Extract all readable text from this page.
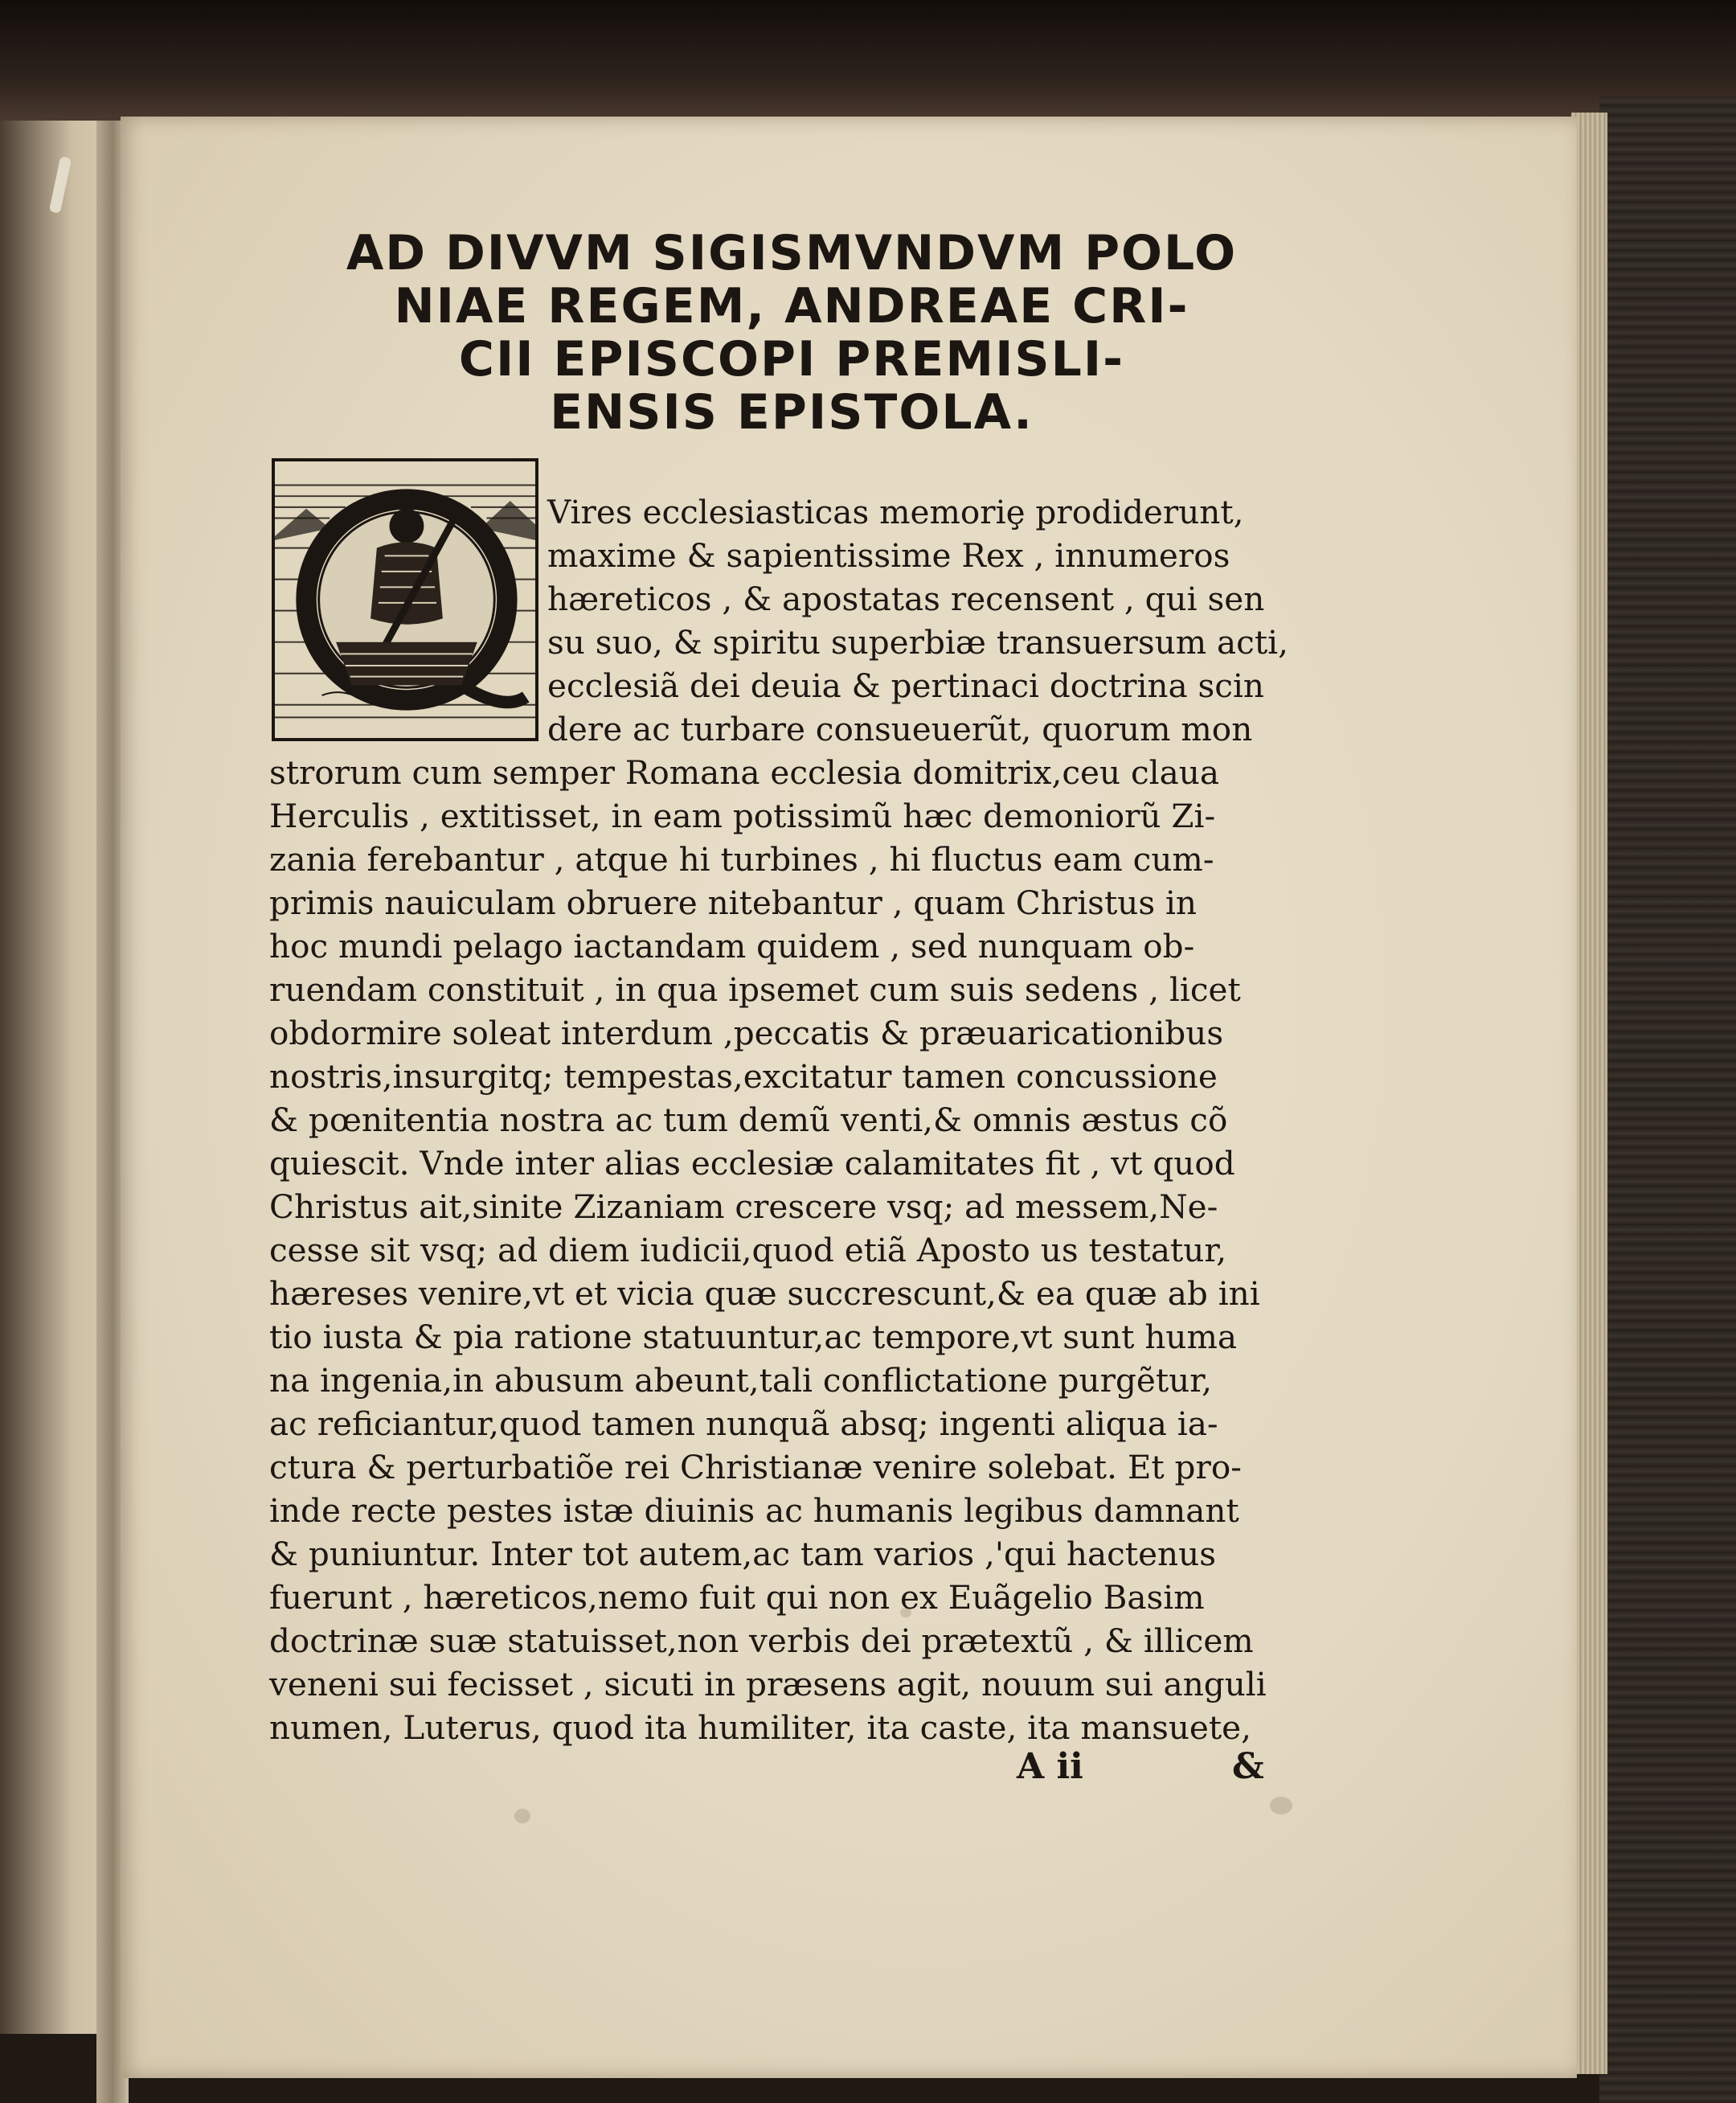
AD DIVVM SIGISMVNDVM POLO
NIAE REGEM, ANDREAE CRI-
CII EPISCOPI PREMISLI-
ENSIS EPISTOLA.
Vires ecclesiasticas memoriȩ prodiderunt,
maxime & sapientissime Rex , innumeros
hæreticos , & apostatas recensent , qui sen
su suo, & spiritu superbiæ transuersum acti,
ecclesiã dei deuia & pertinaci doctrina scin
dere ac turbare consueuerũt, quorum mon
strorum cum semper Romana ecclesia domitrix,ceu claua
Herculis , extitisset, in eam potissimũ hæc demoniorũ Zi-
zania ferebantur , atque hi turbines , hi fluctus eam cum-
primis nauiculam obruere nitebantur , quam Christus in
hoc mundi pelago iactandam quidem , sed nunquam ob-
ruendam constituit , in qua ipsemet cum suis sedens , licet
obdormire soleat interdum ,peccatis & præuaricationibus
nostris,insurgitq; tempestas,excitatur tamen concussione
& pœnitentia nostra ac tum demũ venti,& omnis æstus cõ
quiescit. Vnde inter alias ecclesiæ calamitates fit , vt quod
Christus ait,sinite Zizaniam crescere vsq; ad messem,Ne-
cesse sit vsq; ad diem iudicii,quod etiã Aposto us testatur,
hæreses venire,vt et vicia quæ succrescunt,& ea quæ ab ini
tio iusta & pia ratione statuuntur,ac tempore,vt sunt huma
na ingenia,in abusum abeunt,tali conflictatione purgẽtur,
ac reficiantur,quod tamen nunquã absq; ingenti aliqua ia-
ctura & perturbatiõe rei Christianæ venire solebat. Et pro-
inde recte pestes istæ diuinis ac humanis legibus damnant
& puniuntur. Inter tot autem,ac tam varios ,'qui hactenus
fuerunt , hæreticos,nemo fuit qui non ex Euãgelio Basim
doctrinæ suæ statuisset,non verbis dei prætextũ , & illicem
veneni sui fecisset , sicuti in præsens agit, nouum sui anguli
numen, Luterus, quod ita humiliter, ita caste, ita mansuete,
A ii	&
